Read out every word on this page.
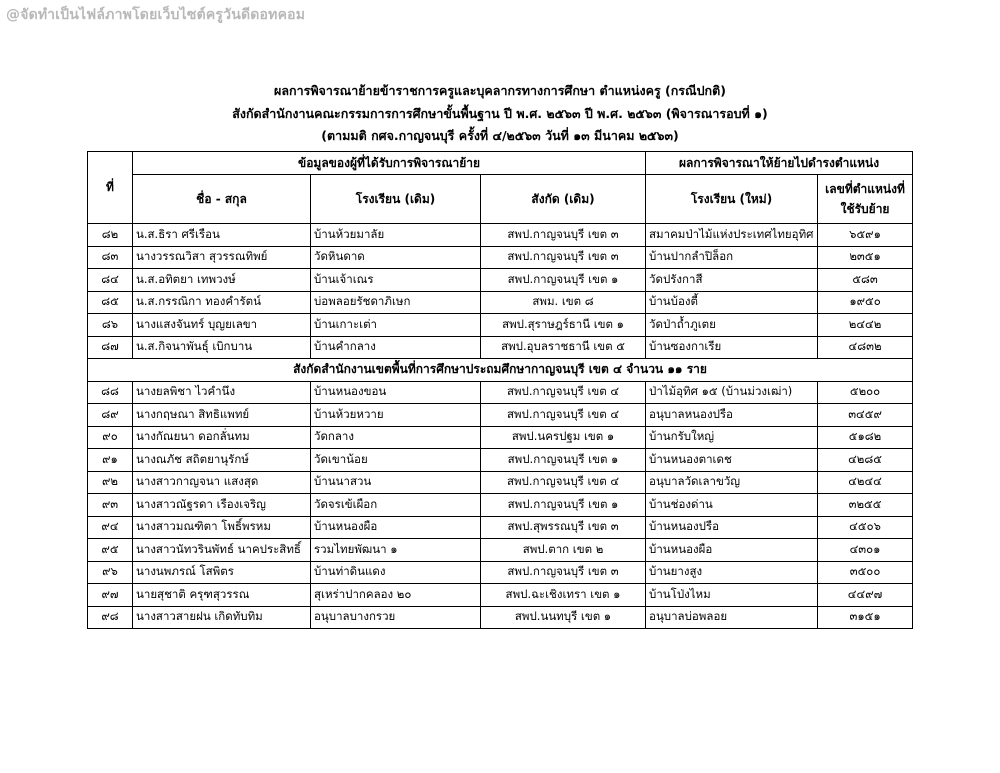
@จัดทำเป็นไฟล์ภาพโดยเว็บไซต์ครูวันดีดอทคอม
ผลการพิจารณาย้ายข้าราชการครูและบุคลากรทางการศึกษา ตำแหน่งครู (กรณีปกติ)
สังกัดสำนักงานคณะกรรมการการศึกษาขั้นพื้นฐาน ปี พ.ศ. ๒๕๖๓ ปี พ.ศ. ๒๕๖๓ (พิจารณารอบที่ ๑)
(ตามมติ กศจ.กาญจนบุรี ครั้งที่ ๔/๒๕๖๓ วันที่ ๑๓ มีนาคม ๒๕๖๓)
ที่	ข้อมูลของผู้ที่ได้รับการพิจารณาย้าย			ผลการพิจารณาให้ย้ายไปดำรงตำแหน่ง	
	ชื่อ - สกุล	โรงเรียน (เดิม)	สังกัด (เดิม)	โรงเรียน (ใหม่)	เลขที่ตำแหน่งที่ใช้รับย้าย
๘๒	น.ส.ธิรา ศรีเรือน	บ้านห้วยมาลัย	สพป.กาญจนบุรี เขต ๓	สมาคมป่าไม้แห่งประเทศไทยอุทิศ	๖๕๙๑
๘๓	นางวรรณวิสา สุวรรณทิพย์	วัดหินดาด	สพป.กาญจนบุรี เขต ๓	บ้านปากลำปิล็อก	๒๓๕๑
๘๔	น.ส.อทิตยา เทพวงษ์	บ้านเจ้าเณร	สพป.กาญจนบุรี เขต ๑	วัดปรังกาสี	๕๘๓
๘๕	น.ส.กรรณิกา ทองคำรัตน์	บ่อพลอยรัชดาภิเษก	สพม. เขต ๘	บ้านบ้องตี้	๑๙๕๐
๘๖	นางแสงจันทร์ บุญยเลขา	บ้านเกาะเต่า	สพป.สุราษฎร์ธานี เขต ๑	วัดป่าถ้ำภูเตย	๒๔๔๒
๘๗	น.ส.กิจนาพันธุ์ เบิกบาน	บ้านคำกลาง	สพป.อุบลราชธานี เขต ๕	บ้านซองกาเรีย	๔๘๓๒
สังกัดสำนักงานเขตพื้นที่การศึกษาประถมศึกษากาญจนบุรี เขต ๔ จำนวน ๑๑ ราย					
๘๘	นางยลพิชา ไวคำนึง	บ้านหนองขอน	สพป.กาญจนบุรี เขต ๔	ป่าไม้อุทิศ ๑๕ (บ้านม่วงเฒ่า)	๕๒๐๐
๘๙	นางกฤษณา สิทธิแพทย์	บ้านห้วยหวาย	สพป.กาญจนบุรี เขต ๔	อนุบาลหนองปรือ	๓๔๕๙
๙๐	นางกัณยนา ดอกลั่นทม	วัดกลาง	สพป.นครปฐม เขต ๑	บ้านกรับใหญ่	๕๑๘๒
๙๑	นางณภัช สถิตยานุรักษ์	วัดเขาน้อย	สพป.กาญจนบุรี เขต ๑	บ้านหนองตาเดช	๔๒๘๕
๙๒	นางสาวกาญจนา แสงสุด	บ้านนาสวน	สพป.กาญจนบุรี เขต ๔	อนุบาลวัดเลาขวัญ	๔๒๔๔
๙๓	นางสาวณัฐรดา เรืองเจริญ	วัดจรเข้เผือก	สพป.กาญจนบุรี เขต ๑	บ้านช่องด่าน	๓๒๕๕
๙๔	นางสาวมณฑิตา โพธิ์พรหม	บ้านหนองผือ	สพป.สุพรรณบุรี เขต ๓	บ้านหนองปรือ	๔๕๐๖
๙๕	นางสาวนัทวรินพัทธ์ นาคประสิทธิ์	รวมไทยพัฒนา ๑	สพป.ตาก เขต ๒	บ้านหนองผือ	๔๓๐๑
๙๖	นางนพภรณ์ โสพิตร	บ้านท่าดินแดง	สพป.กาญจนบุรี เขต ๓	บ้านยางสูง	๓๕๐๐
๙๗	นายสุชาติ ครุฑสุวรรณ	สุเหร่าปากคลอง ๒๐	สพป.ฉะเชิงเทรา เขต ๑	บ้านโป่งไหม	๔๔๙๗
๙๘	นางสาวสายฝน เกิดทับทิม	อนุบาลบางกรวย	สพป.นนทบุรี เขต ๑	อนุบาลบ่อพลอย	๓๑๕๑
